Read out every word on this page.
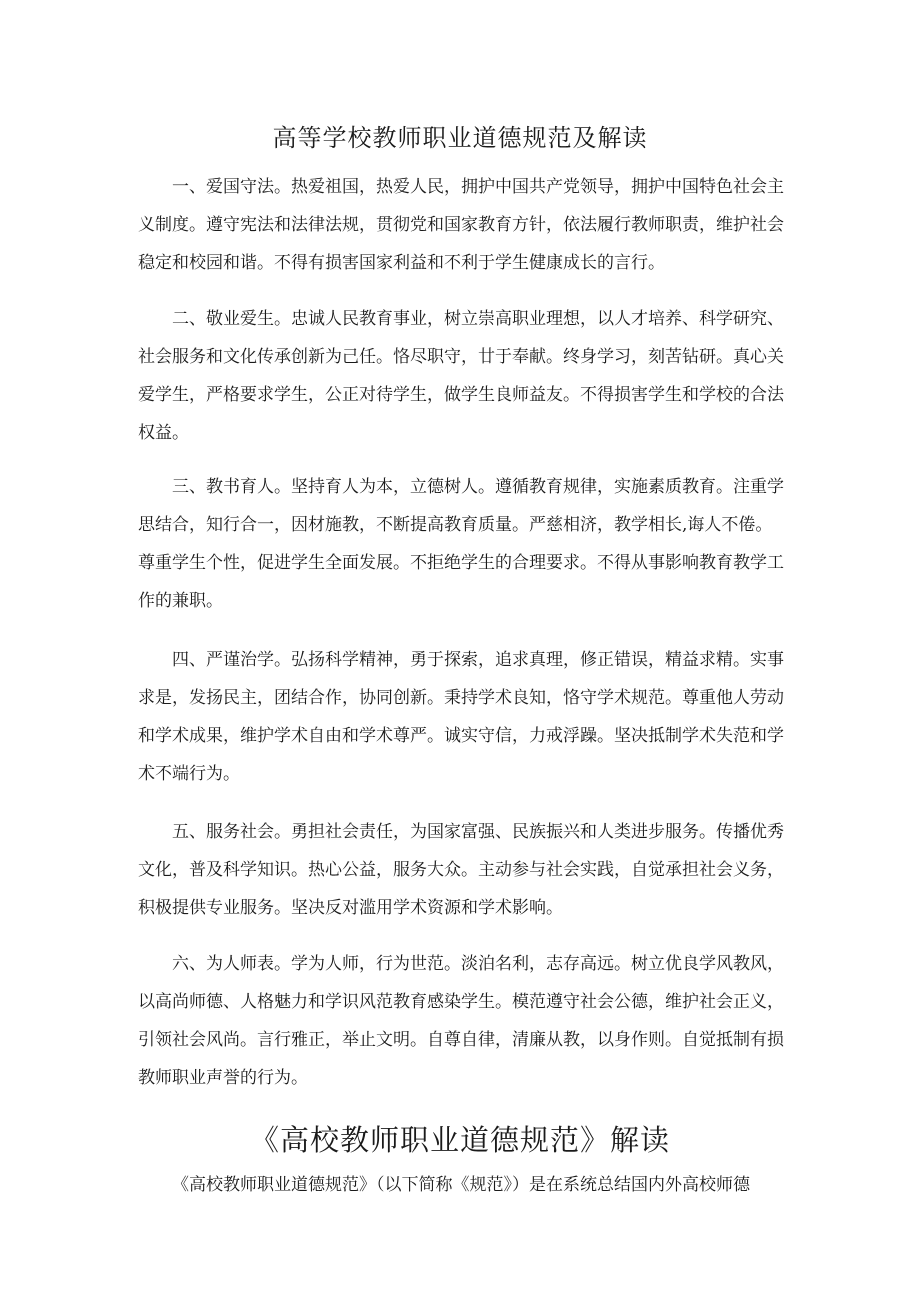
高等学校教师职业道德规范及解读
一、爱国守法。热爱祖国，热爱人民，拥护中国共产党领导，拥护中国特色社会主
义制度。遵守宪法和法律法规，贯彻党和国家教育方针，依法履行教师职责，维护社会
稳定和校园和谐。不得有损害国家利益和不利于学生健康成长的言行。
二、敬业爱生。忠诚人民教育事业，树立崇高职业理想，以人才培养、科学研究、
社会服务和文化传承创新为己任。恪尽职守，廿于奉献。终身学习，刻苦钻研。真心关
爱学生，严格要求学生，公正对待学生，做学生良师益友。不得损害学生和学校的合法
权益。
三、教书育人。坚持育人为本，立德树人。遵循教育规律，实施素质教育。注重学
思结合，知行合一，因材施教，不断提高教育质量。严慈相济，教学相长,诲人不倦。
尊重学生个性，促进学生全面发展。不拒绝学生的合理要求。不得从事影响教育教学工
作的兼职。
四、严谨治学。弘扬科学精神，勇于探索，追求真理，修正错误，精益求精。实事
求是，发扬民主，团结合作，协同创新。秉持学术良知，恪守学术规范。尊重他人劳动
和学术成果，维护学术自由和学术尊严。诚实守信，力戒浮躁。坚决抵制学术失范和学
术不端行为。
五、服务社会。勇担社会责任，为国家富强、民族振兴和人类进步服务。传播优秀
文化，普及科学知识。热心公益，服务大众。主动参与社会实践，自觉承担社会义务，
积极提供专业服务。坚决反对滥用学术资源和学术影响。
六、为人师表。学为人师，行为世范。淡泊名利，志存高远。树立优良学风教风，
以高尚师德、人格魅力和学识风范教育感染学生。模范遵守社会公德，维护社会正义，
引领社会风尚。言行雅正，举止文明。自尊自律，清廉从教，以身作则。自觉抵制有损
教师职业声誉的行为。
《高校教师职业道德规范》解读
《高校教师职业道德规范》（以下简称《规范》）是在系统总结国内外高校师德
